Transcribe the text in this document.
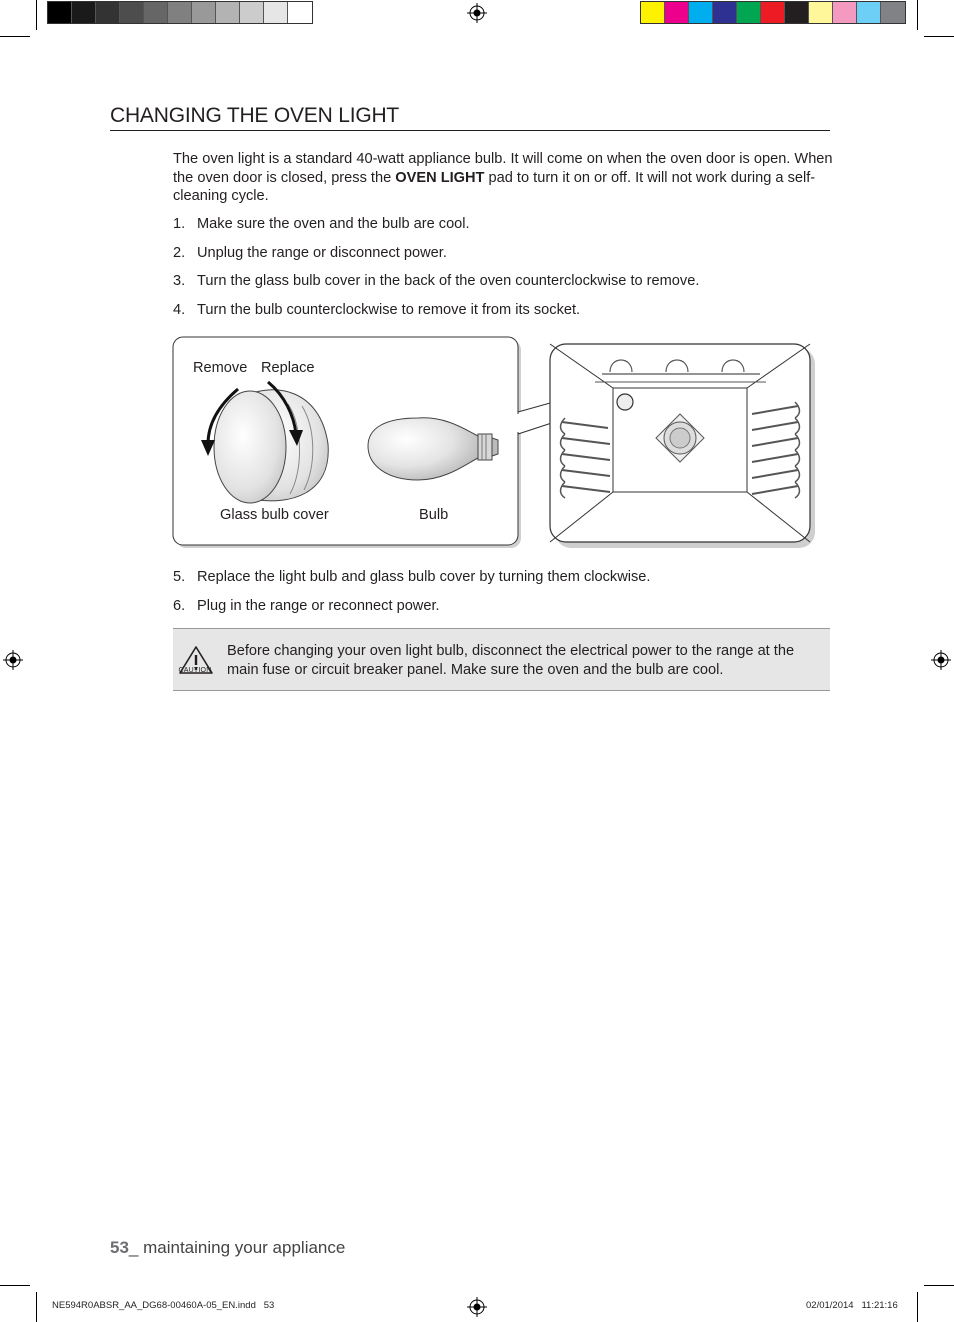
CHANGING THE OVEN LIGHT
The oven light is a standard 40-watt appliance bulb. It will come on when the oven door is open. When the oven door is closed, press the OVEN LIGHT pad to turn it on or off. It will not work during a self-cleaning cycle.
1. Make sure the oven and the bulb are cool.
2. Unplug the range or disconnect power.
3. Turn the glass bulb cover in the back of the oven counterclockwise to remove.
4. Turn the bulb counterclockwise to remove it from its socket.
Remove Replace
Glass bulb cover	Bulb
5. Replace the light bulb and glass bulb cover by turning them clockwise.
6. Plug in the range or reconnect power.
CAUTION
Before changing your oven light bulb, disconnect the electrical power to the range at the main fuse or circuit breaker panel. Make sure the oven and the bulb are cool.
53_ maintaining your appliance
NE594R0ABSR_AA_DG68-00460A-05_EN.indd   53	02/01/2014   11:21:16
